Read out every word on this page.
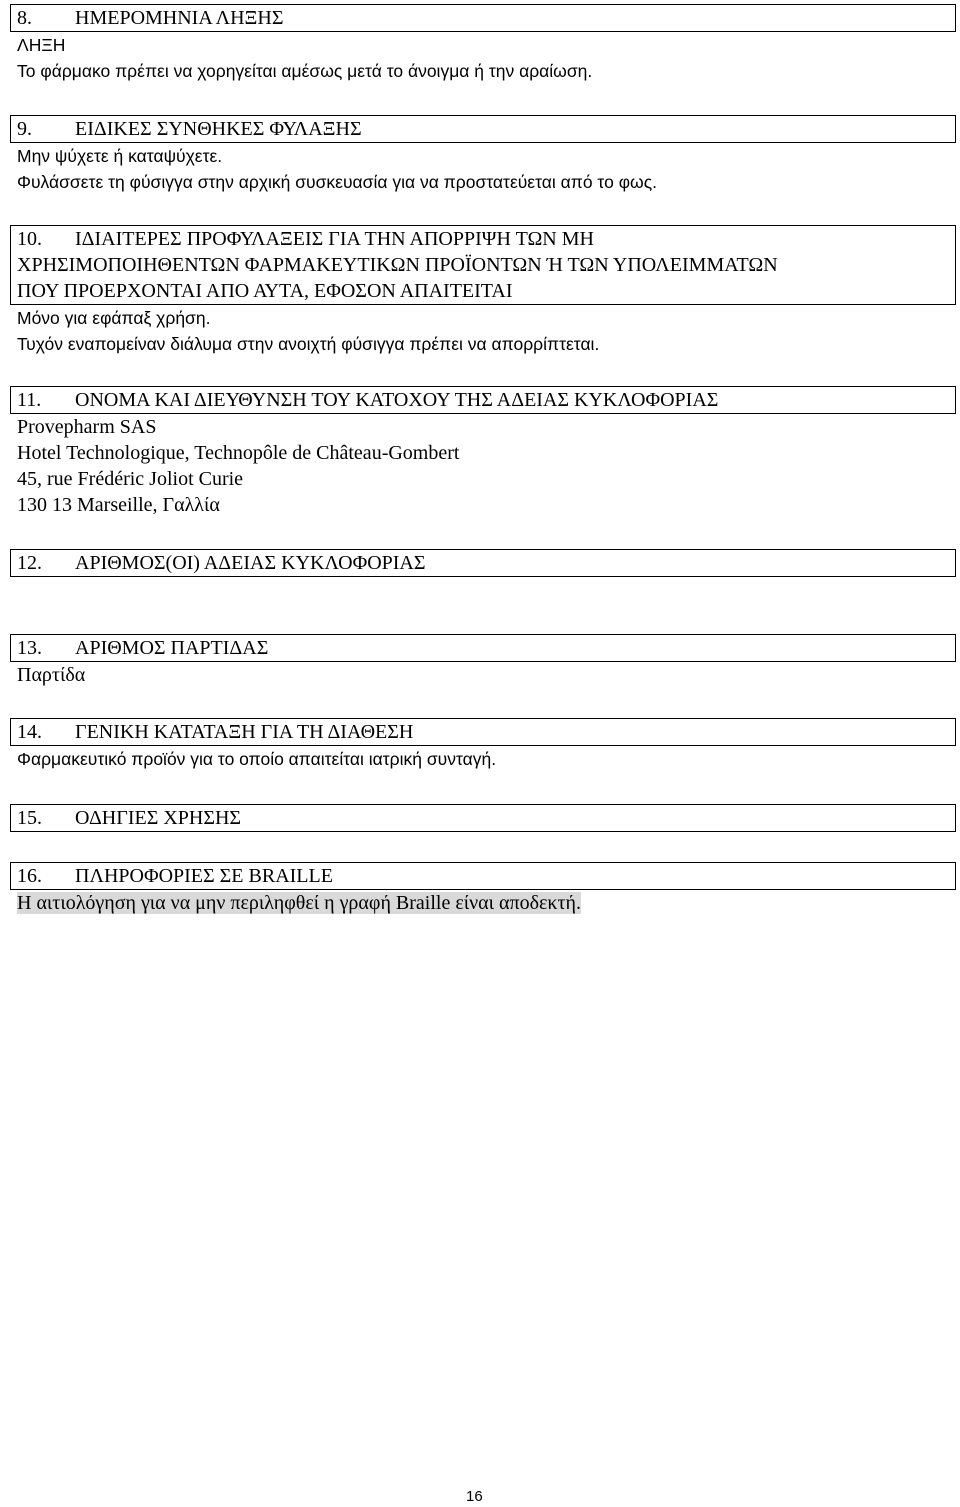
8. ΗΜΕΡΟΜΗΝΙΑ ΛΗΞΗΣ
ΛΗΞΗ
Το φάρμακο πρέπει να χορηγείται αμέσως μετά το άνοιγμα ή την αραίωση.
9. ΕΙΔΙΚΕΣ ΣΥΝΘΗΚΕΣ ΦΥΛΑΞΗΣ
Μην ψύχετε ή καταψύχετε.
Φυλάσσετε τη φύσιγγα στην αρχική συσκευασία για να προστατεύεται από το φως.
10. ΙΔΙΑΙΤΕΡΕΣ ΠΡΟΦΥΛΑΞΕΙΣ ΓΙΑ ΤΗΝ ΑΠΟΡΡΙΨΗ ΤΩΝ ΜΗ
ΧΡΗΣΙΜΟΠΟΙΗΘΕΝΤΩΝ ΦΑΡΜΑΚΕΥΤΙΚΩΝ ΠΡΟΪΟΝΤΩΝ Ή ΤΩΝ ΥΠΟΛΕΙΜΜΑΤΩΝ
ΠΟΥ ΠΡΟΕΡΧΟΝΤΑΙ ΑΠΟ ΑΥΤΑ, ΕΦΟΣΟΝ ΑΠΑΙΤΕΙΤΑΙ
Μόνο για εφάπαξ χρήση.
Τυχόν εναπομείναν διάλυμα στην ανοιχτή φύσιγγα πρέπει να απορρίπτεται.
11. ΟΝΟΜΑ ΚΑΙ ΔΙΕΥΘΥΝΣΗ ΤΟΥ ΚΑΤΟΧΟΥ ΤΗΣ ΑΔΕΙΑΣ ΚΥΚΛΟΦΟΡΙΑΣ
Provepharm SAS
Hotel Technologique, Technopôle de Château-Gombert
45, rue Frédéric Joliot Curie
130 13 Marseille, Γαλλία
12. ΑΡΙΘΜΟΣ(ΟΙ) ΑΔΕΙΑΣ ΚΥΚΛΟΦΟΡΙΑΣ
13. ΑΡΙΘΜΟΣ ΠΑΡΤΙΔΑΣ
Παρτίδα
14. ΓΕΝΙΚΗ ΚΑΤΑΤΑΞΗ ΓΙΑ ΤΗ ΔΙΑΘΕΣΗ
Φαρμακευτικό προϊόν για το οποίο απαιτείται ιατρική συνταγή.
15. ΟΔΗΓΙΕΣ ΧΡΗΣΗΣ
16. ΠΛΗΡΟΦΟΡΙΕΣ ΣΕ BRAILLE
Η αιτιολόγηση για να μην περιληφθεί η γραφή Braille είναι αποδεκτή.
16
